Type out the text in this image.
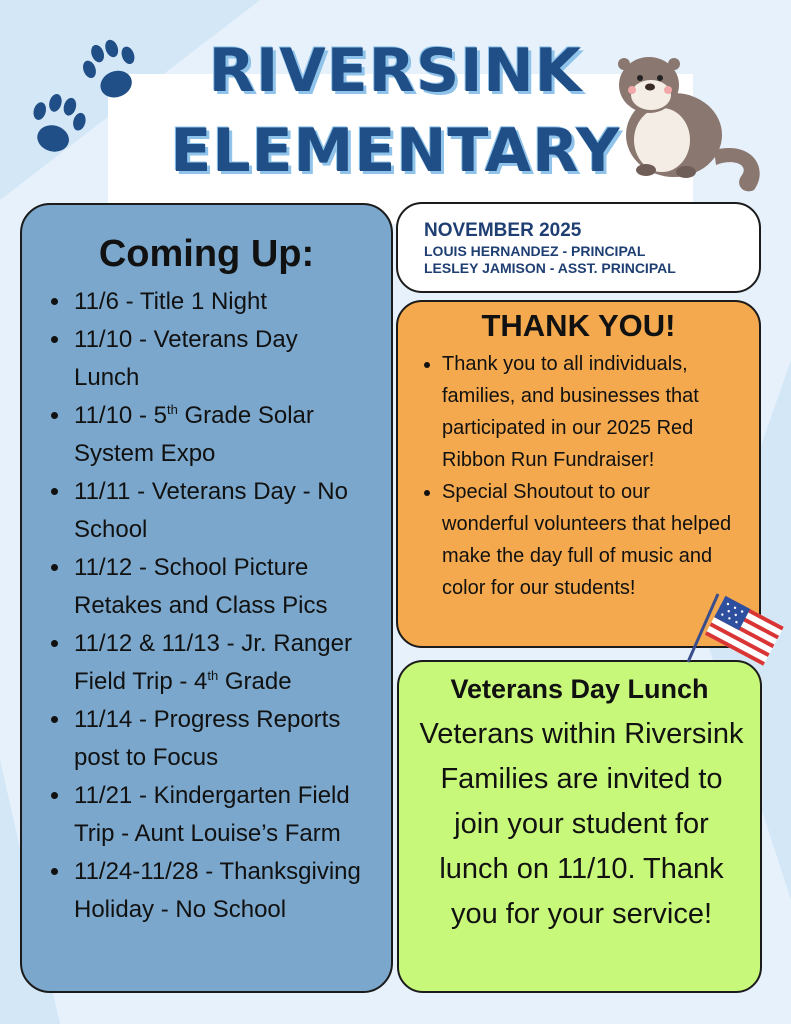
RIVERSINK
ELEMENTARY
Coming Up:
• 11/6 - Title 1 Night
• 11/10 - Veterans Day Lunch
• 11/10 - 5th Grade Solar System Expo
• 11/11 - Veterans Day - No School
• 11/12 - School Picture Retakes and Class Pics
• 11/12 & 11/13 - Jr. Ranger Field Trip - 4th Grade
• 11/14 - Progress Reports post to Focus
• 11/21 - Kindergarten Field Trip - Aunt Louise’s Farm
• 11/24-11/28 - Thanksgiving Holiday - No School
NOVEMBER 2025
LOUIS HERNANDEZ - PRINCIPAL
LESLEY JAMISON - ASST. PRINCIPAL
THANK YOU!
• Thank you to all individuals, families, and businesses that participated in our 2025 Red Ribbon Run Fundraiser!
• Special Shoutout to our wonderful volunteers that helped make the day full of music and color for our students!
Veterans Day Lunch
Veterans within Riversink Families are invited to join your student for lunch on 11/10. Thank you for your service!
